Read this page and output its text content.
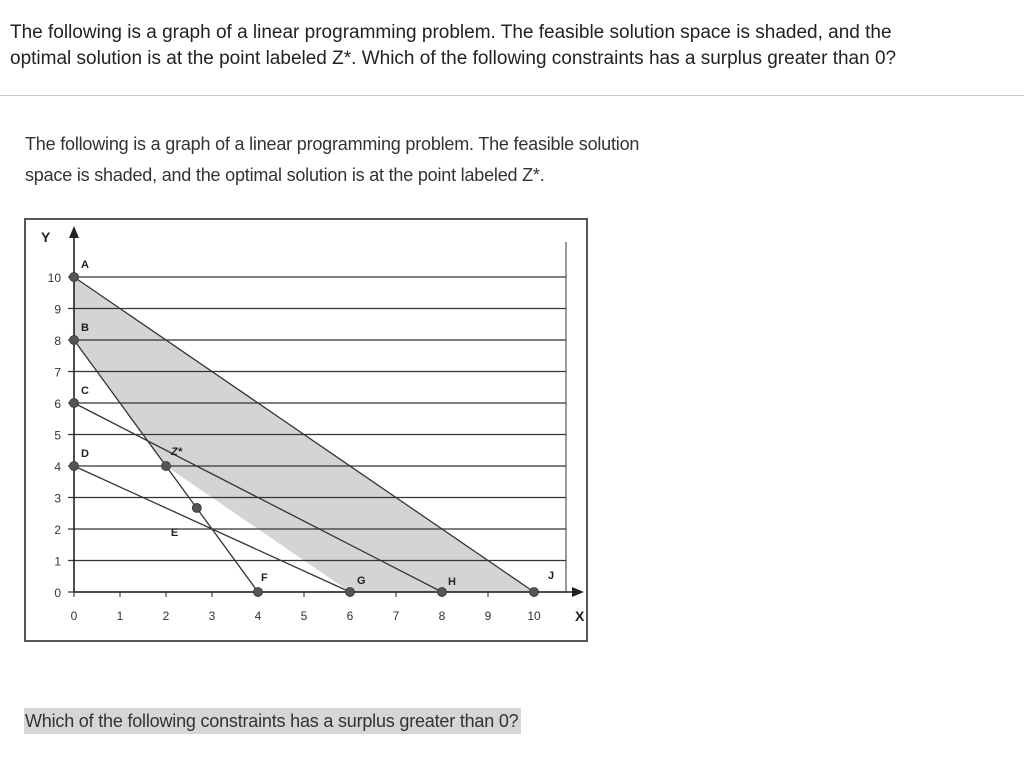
The following is a graph of a linear programming problem. The feasible solution space is shaded, and the
optimal solution is at the point labeled Z*. Which of the following constraints has a surplus greater than 0?

The following is a graph of a linear programming problem. The feasible solution
space is shaded, and the optimal solution is at the point labeled Z*.

A
B
C
D	Z*
E
F	G	H	J
0
1
2
3
4
5
6
7
8
9
10
Y
X
0	1	2	3	4	5	6	7	8	9	10

Which of the following constraints has a surplus greater than 0?
